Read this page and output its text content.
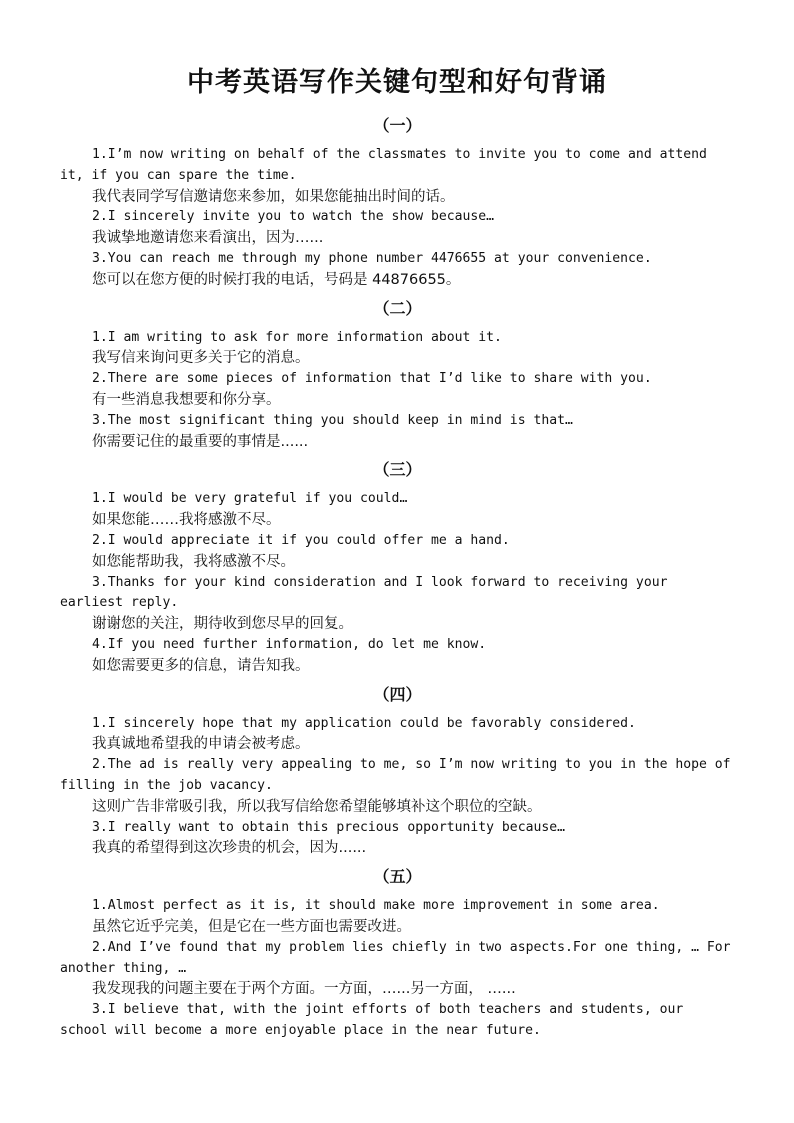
中考英语写作关键句型和好句背诵
（一）

1.I’m now writing on behalf of the classmates to invite you to come and attend it, if you can spare the time.

我代表同学写信邀请您来参加，如果您能抽出时间的话。

2.I sincerely invite you to watch the show because…

我诚挚地邀请您来看演出，因为…...

3.You can reach me through my phone number 4476655 at your convenience.

您可以在您方便的时候打我的电话，号码是 44876655。

（二）

1.I am writing to ask for more information about it.

我写信来询问更多关于它的消息。

2.There are some pieces of information that I’d like to share with you.

有一些消息我想要和你分享。

3.The most significant thing you should keep in mind is that…

你需要记住的最重要的事情是......

（三）

1.I would be very grateful if you could…

如果您能……我将感激不尽。

2.I would appreciate it if you could offer me a hand.

如您能帮助我，我将感激不尽。

3.Thanks for your kind consideration and I look forward to receiving your earliest reply.

谢谢您的关注，期待收到您尽早的回复。

4.If you need further information, do let me know.

如您需要更多的信息，请告知我。

（四）

1.I sincerely hope that my application could be favorably considered.

我真诚地希望我的申请会被考虑。

2.The ad is really very appealing to me, so I’m now writing to you in the hope of filling in the job vacancy.

这则广告非常吸引我，所以我写信给您希望能够填补这个职位的空缺。

3.I really want to obtain this precious opportunity because…

我真的希望得到这次珍贵的机会，因为......

（五）

1.Almost perfect as it is, it should make more improvement in some area.

虽然它近乎完美，但是它在一些方面也需要改进。

2.And I’ve found that my problem lies chiefly in two aspects.For one thing, … For another thing, …

我发现我的问题主要在于两个方面。一方面，…...另一方面， …...

3.I believe that, with the joint efforts of both teachers and students, our school will become a more enjoyable place in the near future.
